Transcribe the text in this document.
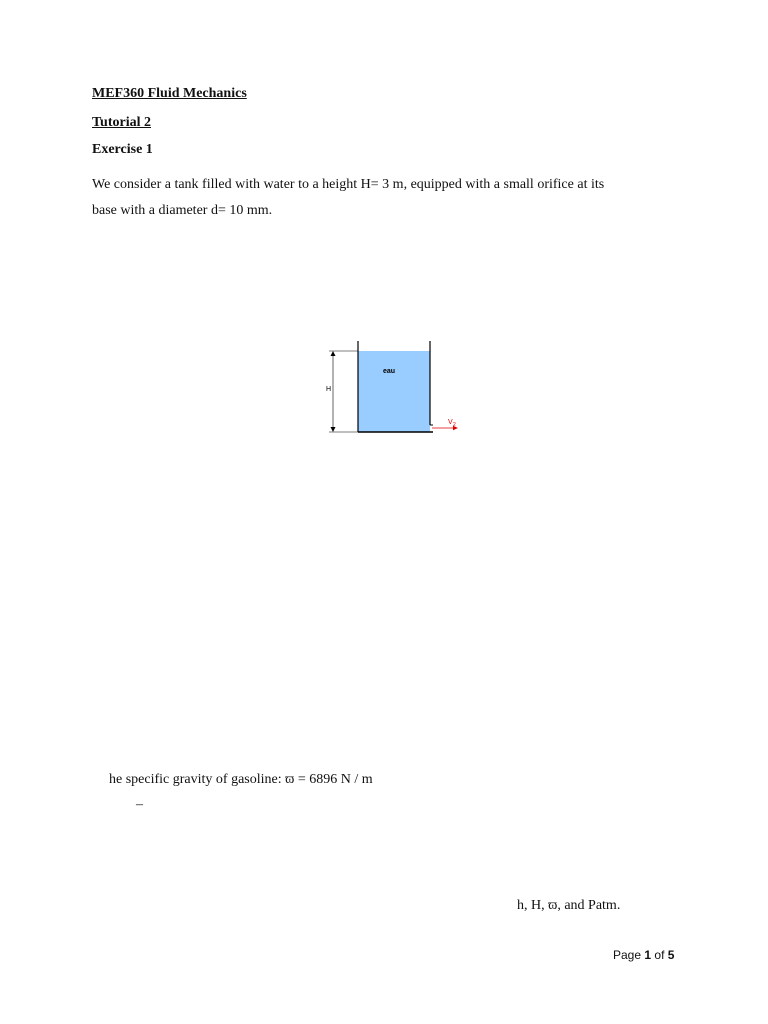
MEF360 Fluid Mechanics
Tutorial 2
Exercise 1
We consider a tank filled with water to a height H= 3 m, equipped with a small orifice at its
base with a diameter d= 10 mm.
H
eau
V 2
he specific gravity of gasoline: ϖ = 6896 N / m
–
h, H, ϖ, and Patm.
Page 1 of 5
